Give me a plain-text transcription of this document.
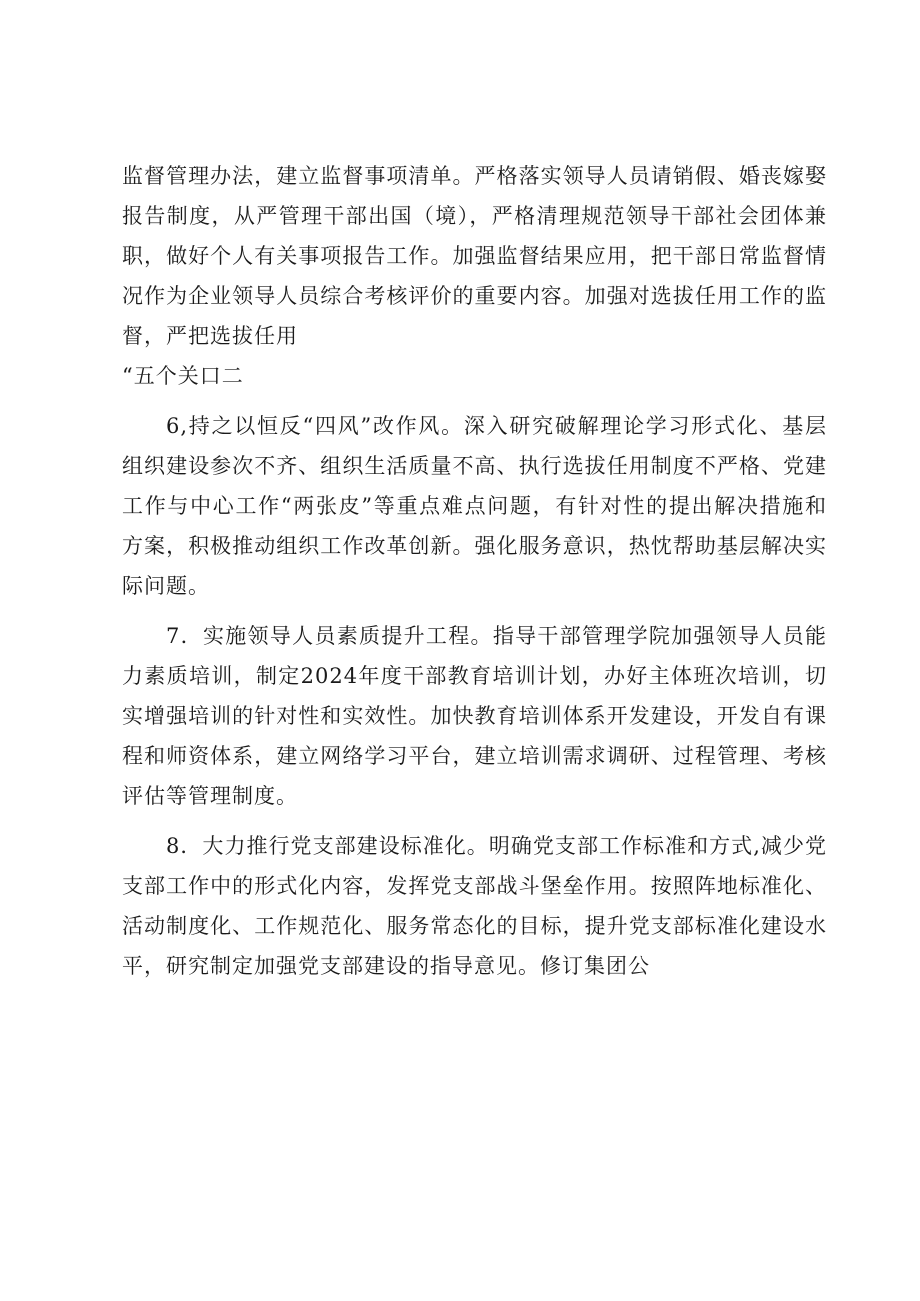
监督管理办法，建立监督事项清单。严格落实领导人员请销假、婚丧嫁娶报告制度，从严管理干部出国（境），严格清理规范领导干部社会团体兼职，做好个人有关事项报告工作。加强监督结果应用，把干部日常监督情况作为企业领导人员综合考核评价的重要内容。加强对选拔任用工作的监督，严把选拔任用

“五个关口二

6,持之以恒反“四风”改作风。深入研究破解理论学习形式化、基层组织建设参次不齐、组织生活质量不高、执行选拔任用制度不严格、党建工作与中心工作“两张皮”等重点难点问题，有针对性的提出解决措施和方案，积极推动组织工作改革创新。强化服务意识，热忱帮助基层解决实际问题。

7．实施领导人员素质提升工程。指导干部管理学院加强领导人员能力素质培训，制定2024年度干部教育培训计划，办好主体班次培训，切实增强培训的针对性和实效性。加快教育培训体系开发建设，开发自有课程和师资体系，建立网络学习平台，建立培训需求调研、过程管理、考核评估等管理制度。

8．大力推行党支部建设标准化。明确党支部工作标准和方式,减少党支部工作中的形式化内容，发挥党支部战斗堡垒作用。按照阵地标准化、活动制度化、工作规范化、服务常态化的目标，提升党支部标准化建设水平，研究制定加强党支部建设的指导意见。修订集团公
